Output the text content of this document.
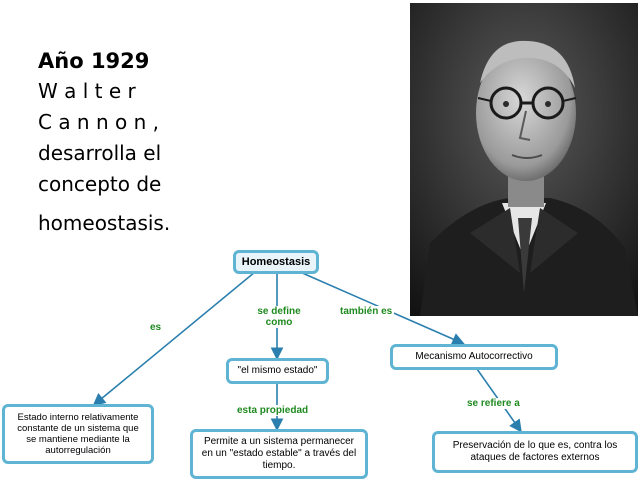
Año 1929

W a l t e r
C a n n o n ,
desarrolla el
concepto de
homeostasis.
Homeostasis
es
se define como
también es
"el mismo estado"
Mecanismo Autocorrectivo
esta propiedad
se refiere a
Estado interno relativamente constante de un sistema que se mantiene mediante la autorregulación
Permite a un sistema permanecer en un "estado estable" a través del tiempo.
Preservación de lo que es, contra los ataques de factores externos
